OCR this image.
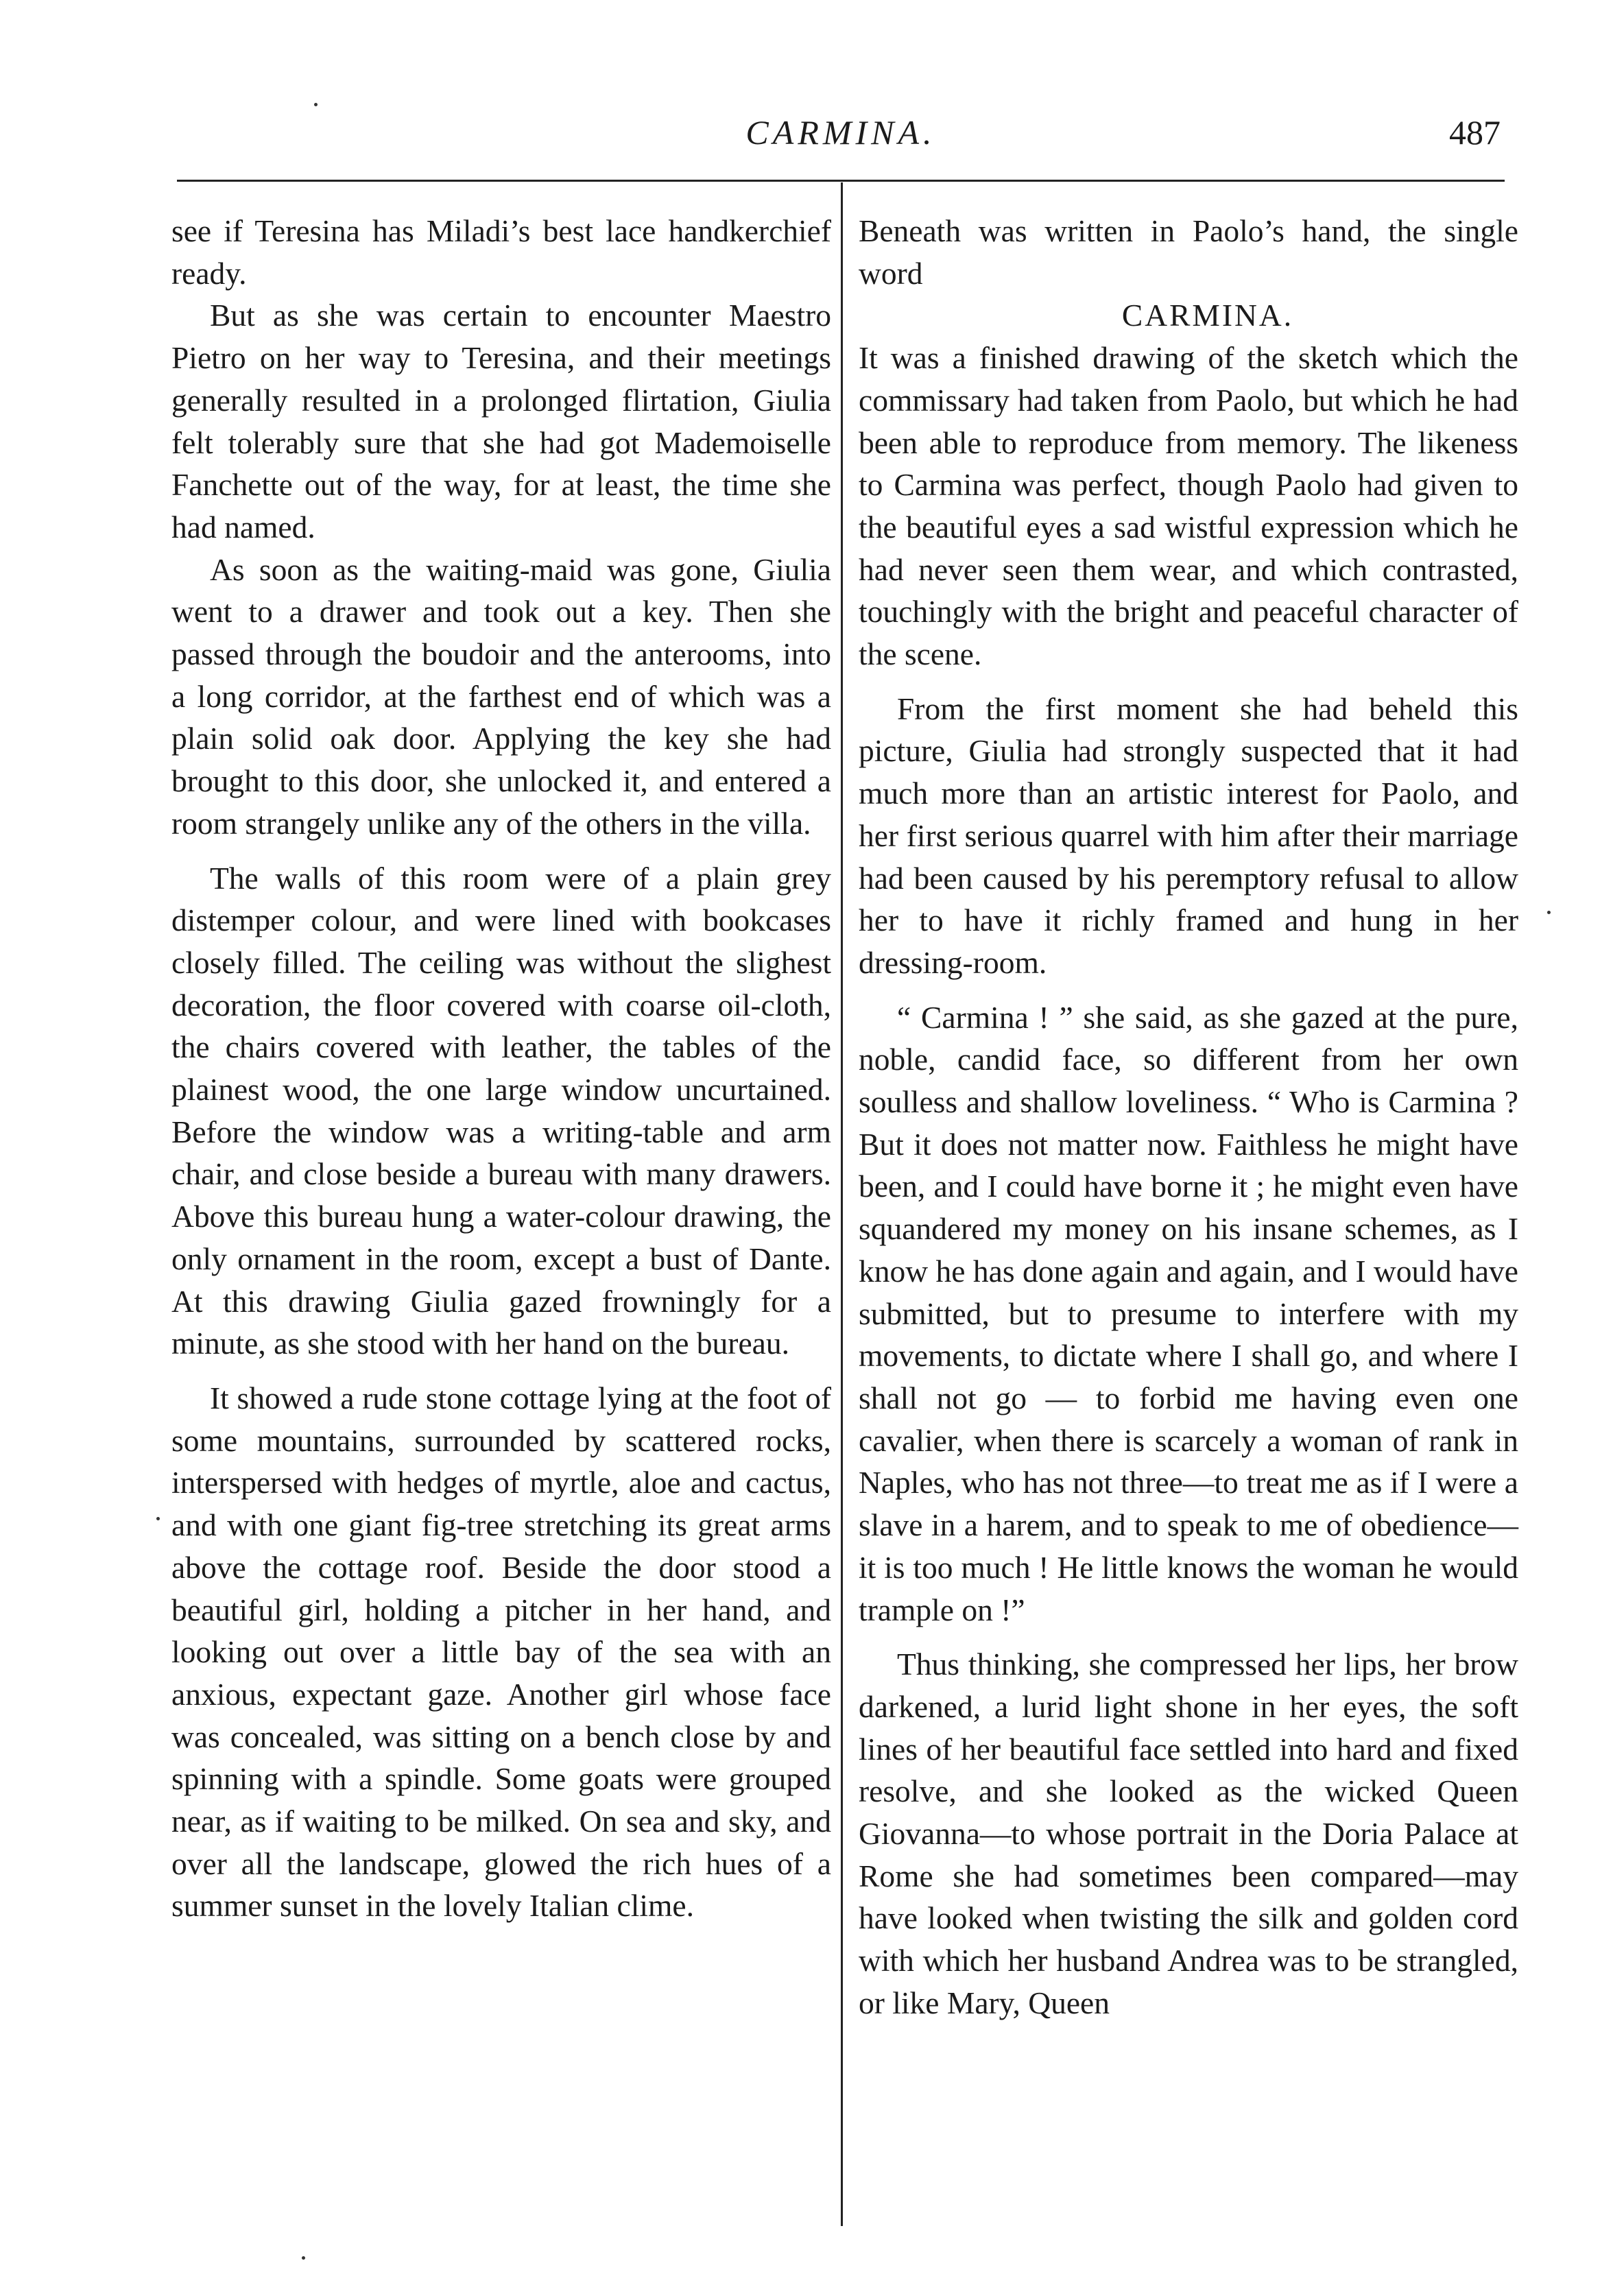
CARMINA.	487

see if Teresina has Miladi’s best lace handkerchief ready.

But as she was certain to encounter Maestro Pietro on her way to Teresina, and their meetings generally resulted in a prolonged flirtation, Giulia felt tolerably sure that she had got Mademoiselle Fanchette out of the way, for at least, the time she had named.

As soon as the waiting-maid was gone, Giulia went to a drawer and took out a key. Then she passed through the boudoir and the anterooms, into a long corridor, at the farthest end of which was a plain solid oak door. Applying the key she had brought to this door, she unlocked it, and entered a room strangely unlike any of the others in the villa.

The walls of this room were of a plain grey distemper colour, and were lined with bookcases closely filled. The ceiling was without the slighest decoration, the floor covered with coarse oil-cloth, the chairs covered with leather, the tables of the plainest wood, the one large window uncurtained. Before the window was a writing-table and arm chair, and close beside a bureau with many drawers. Above this bureau hung a water-colour drawing, the only ornament in the room, except a bust of Dante. At this drawing Giulia gazed frowningly for a minute, as she stood with her hand on the bureau.

It showed a rude stone cottage lying at the foot of some mountains, surrounded by scattered rocks, interspersed with hedges of myrtle, aloe and cactus, and with one giant fig-tree stretching its great arms above the cottage roof. Beside the door stood a beautiful girl, holding a pitcher in her hand, and looking out over a little bay of the sea with an anxious, expectant gaze. Another girl whose face was concealed, was sitting on a bench close by and spinning with a spindle. Some goats were grouped near, as if waiting to be milked. On sea and sky, and over all the landscape, glowed the rich hues of a summer sunset in the lovely Italian clime.

Beneath was written in Paolo’s hand, the single word

CARMINA.

It was a finished drawing of the sketch which the commissary had taken from Paolo, but which he had been able to reproduce from memory. The likeness to Carmina was perfect, though Paolo had given to the beautiful eyes a sad wistful expression which he had never seen them wear, and which contrasted, touchingly with the bright and peaceful character of the scene.

From the first moment she had beheld this picture, Giulia had strongly suspected that it had much more than an artistic interest for Paolo, and her first serious quarrel with him after their marriage had been caused by his peremptory refusal to allow her to have it richly framed and hung in her dressing-room.

“ Carmina ! ” she said, as she gazed at the pure, noble, candid face, so different from her own soulless and shallow loveliness. “ Who is Carmina ? But it does not matter now. Faithless he might have been, and I could have borne it ; he might even have squandered my money on his insane schemes, as I know he has done again and again, and I would have submitted, but to presume to interfere with my movements, to dictate where I shall go, and where I shall not go — to forbid me having even one cavalier, when there is scarcely a woman of rank in Naples, who has not three—to treat me as if I were a slave in a harem, and to speak to me of obedience—it is too much ! He little knows the woman he would trample on !”

Thus thinking, she compressed her lips, her brow darkened, a lurid light shone in her eyes, the soft lines of her beautiful face settled into hard and fixed resolve, and she looked as the wicked Queen Giovanna—to whose portrait in the Doria Palace at Rome she had sometimes been compared—may have looked when twisting the silk and golden cord with which her husband Andrea was to be strangled, or like Mary, Queen
